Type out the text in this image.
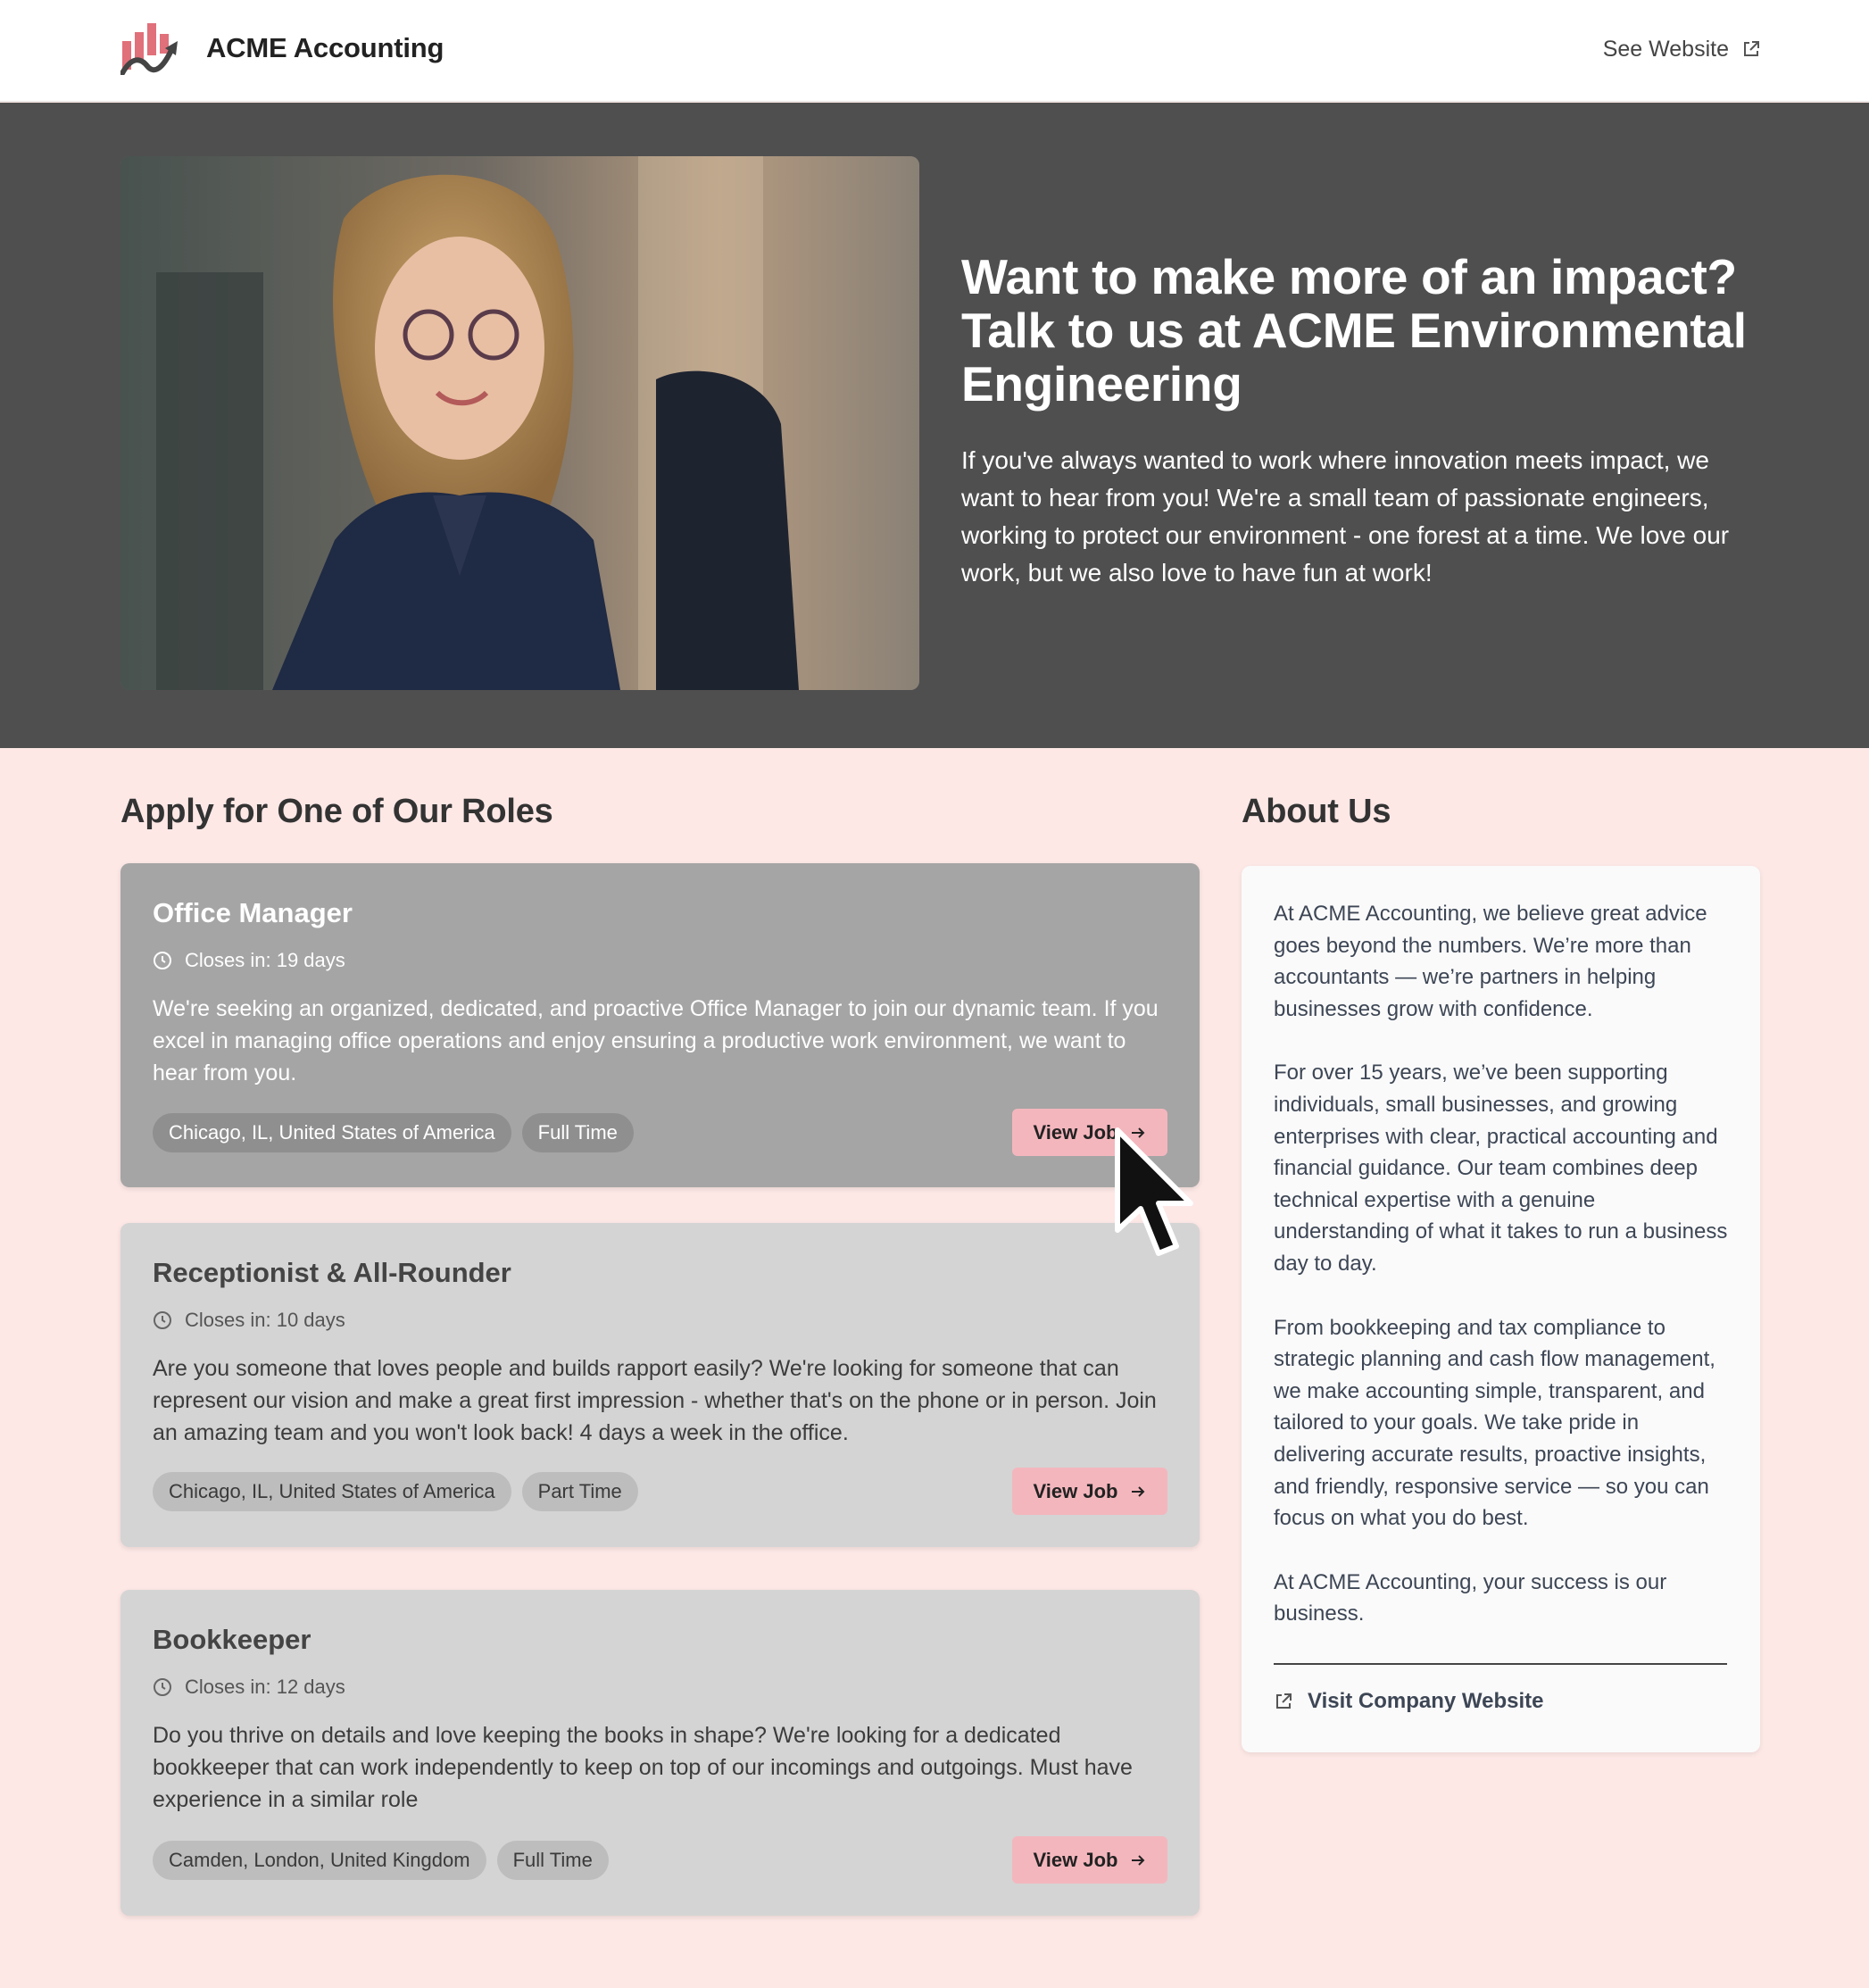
ACME Accounting	See Website
Want to make more of an impact? Talk to us at ACME Environmental Engineering

If you've always wanted to work where innovation meets impact, we want to hear from you! We're a small team of passionate engineers, working to protect our environment - one forest at a time. We love our work, but we also love to have fun at work!

Apply for One of Our Roles
Office Manager
Closes in: 19 days

We're seeking an organized, dedicated, and proactive Office Manager to join our dynamic team. If you excel in managing office operations and enjoy ensuring a productive work environment, we want to hear from you.

Chicago, IL, United States of America	Full Time	View Job
Receptionist & All-Rounder
Closes in: 10 days

Are you someone that loves people and builds rapport easily? We're looking for someone that can represent our vision and make a great first impression - whether that's on the phone or in person. Join an amazing team and you won't look back! 4 days a week in the office.

Chicago, IL, United States of America	Part Time	View Job
Bookkeeper
Closes in: 12 days

Do you thrive on details and love keeping the books in shape? We're looking for a dedicated bookkeeper that can work independently to keep on top of our incomings and outgoings. Must have experience in a similar role

Camden, London, United Kingdom	Full Time	View Job
About Us

At ACME Accounting, we believe great advice goes beyond the numbers. We’re more than accountants — we’re partners in helping businesses grow with confidence.

For over 15 years, we’ve been supporting individuals, small businesses, and growing enterprises with clear, practical accounting and financial guidance. Our team combines deep technical expertise with a genuine understanding of what it takes to run a business day to day.

From bookkeeping and tax compliance to strategic planning and cash flow management, we make accounting simple, transparent, and tailored to your goals. We take pride in delivering accurate results, proactive insights, and friendly, responsive service — so you can focus on what you do best.

At ACME Accounting, your success is our business.

Visit Company Website
